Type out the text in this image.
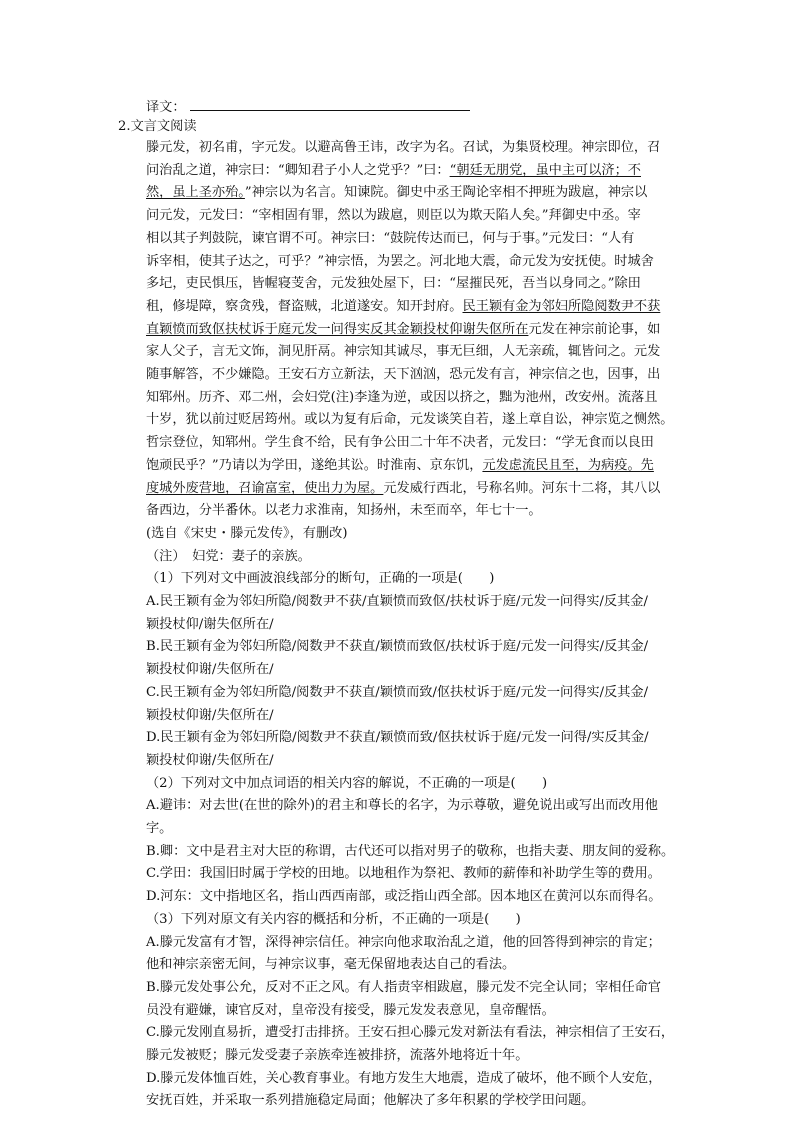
译文：
2.文言文阅读
滕元发，初名甫，字元发。以避高鲁王讳，改字为名。召试，为集贤校理。神宗即位，召
问治乱之道，神宗曰：“卿知君子小人之党乎？”曰：“朝廷无朋党，虽中主可以济；不
然，虽上圣亦殆。”神宗以为名言。知谏院。御史中丞王陶论宰相不押班为跋扈，神宗以
问元发，元发曰：“宰相固有罪，然以为跋扈，则臣以为欺天陷人矣。”拜御史中丞。宰
相以其子判鼓院，谏官谓不可。神宗曰：“鼓院传达而已，何与于事。”元发曰：“人有
诉宰相，使其子达之，可乎？”神宗悟，为罢之。河北地大震，命元发为安抚使。时城舍
多圮，吏民惧压，皆幄寝芰舍，元发独处屋下，曰：“屋摧民死，吾当以身同之。”除田
租，修堤障，察贪残，督盗贼，北道遂安。知开封府。民王颖有金为邻妇所隐阅数尹不获
直颖愤而致伛扶杖诉于庭元发一问得实反其金颖投杖仰谢失伛所在元发在神宗前论事，如
家人父子，言无文饰，洞见肝鬲。神宗知其诚尽，事无巨细，人无亲疏，辄皆问之。元发
随事解答，不少嫌隐。王安石方立新法，天下汹汹，恐元发有言，神宗信之也，因事，出
知郓州。历齐、邓二州，会妇党(注)李逢为逆，或因以挤之，黜为池州，改安州。流落且
十岁，犹以前过贬居筠州。或以为复有后命，元发谈笑自若，遂上章自讼，神宗览之恻然。
哲宗登位，知郓州。学生食不给，民有争公田二十年不决者，元发曰：“学无食而以良田
饱顽民乎？”乃请以为学田，遂绝其讼。时淮南、京东饥，元发虑流民且至，为病疫。先
度城外废营地，召谕富室，使出力为屋。元发威行西北，号称名帅。河东十二将，其八以
备西边，分半番休。以老力求淮南，知扬州，未至而卒，年七十一。
(选自《宋史・滕元发传》，有删改)
（注）　妇党：妻子的亲族。
（1）下列对文中画波浪线部分的断句，正确的一项是(　　)
A.民王颖有金为邻妇所隐/阅数尹不获/直颖愤而致伛/扶杖诉于庭/元发一问得实/反其金/
颖投杖仰/谢失伛所在/
B.民王颖有金为邻妇所隐/阅数尹不获直/颖愤而致伛/扶杖诉于庭/元发一问得实/反其金/
颖投杖仰谢/失伛所在/
C.民王颖有金为邻妇所隐/阅数尹不获直/颖愤而致/伛扶杖诉于庭/元发一问得实/反其金/
颖投杖仰谢/失伛所在/
D.民王颖有金为邻妇所隐/阅数尹不获直/颖愤而致/伛扶杖诉于庭/元发一问得/实反其金/
颖投杖仰谢/失伛所在/
（2）下列对文中加点词语的相关内容的解说，不正确的一项是(　　)
A.避讳：对去世(在世的除外)的君主和尊长的名字，为示尊敬，避免说出或写出而改用他
字。
B.卿：文中是君主对大臣的称谓，古代还可以指对男子的敬称，也指夫妻、朋友间的爱称。
C.学田：我国旧时属于学校的田地。以地租作为祭祀、教师的薪俸和补助学生等的费用。
D.河东：文中指地区名，指山西西南部，或泛指山西全部。因本地区在黄河以东而得名。
（3）下列对原文有关内容的概括和分析，不正确的一项是(　　)
A.滕元发富有才智，深得神宗信任。神宗向他求取治乱之道，他的回答得到神宗的肯定；
他和神宗亲密无间，与神宗议事，毫无保留地表达自己的看法。
B.滕元发处事公允，反对不正之风。有人指责宰相跋扈，滕元发不完全认同；宰相任命官
员没有避嫌，谏官反对，皇帝没有接受，滕元发发表意见，皇帝醒悟。
C.滕元发刚直易折，遭受打击排挤。王安石担心滕元发对新法有看法，神宗相信了王安石，
滕元发被贬；滕元发受妻子亲族牵连被排挤，流落外地将近十年。
D.滕元发体恤百姓，关心教育事业。有地方发生大地震，造成了破坏，他不顾个人安危，
安抚百姓，并采取一系列措施稳定局面；他解决了多年积累的学校学田问题。
